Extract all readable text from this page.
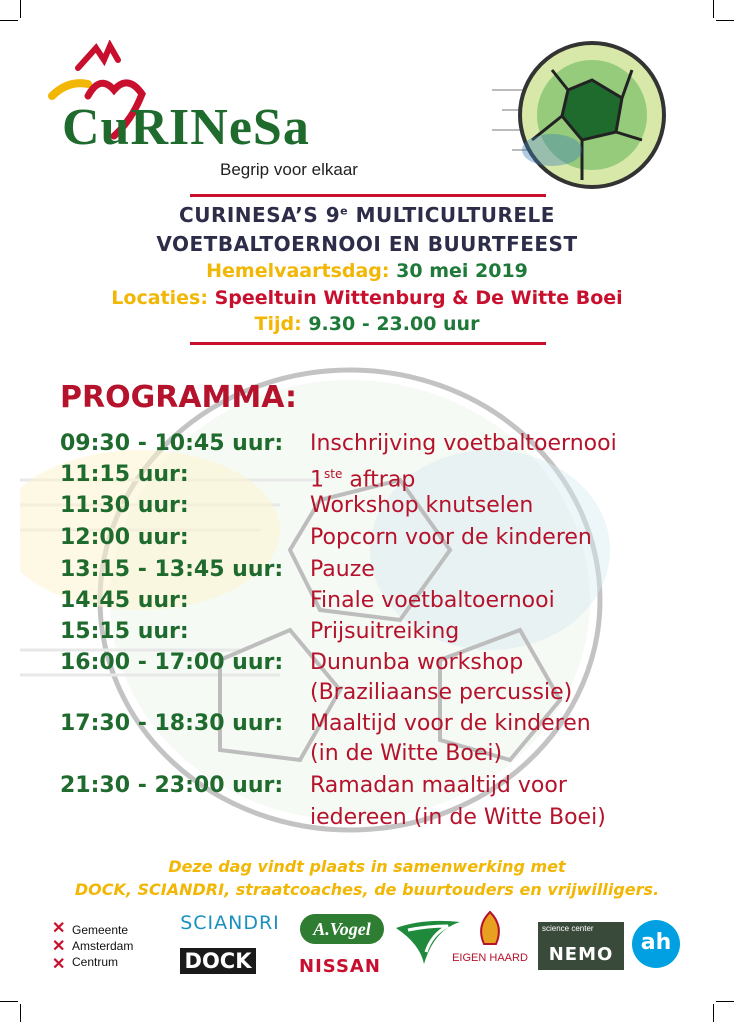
CuRINeSa
Begrip voor elkaar
CURINESA’S 9e MULTICULTURELE
VOETBALTOERNOOI EN BUURTFEEST
Hemelvaartsdag: 30 mei 2019
Locaties: Speeltuin Wittenburg & De Witte Boei
Tijd: 9.30 - 23.00 uur
PROGRAMMA:
09:30 - 10:45 uur:	Inschrijving voetbaltoernooi
11:15 uur:	1ste aftrap
11:30 uur:	Workshop knutselen
12:00 uur:	Popcorn voor de kinderen
13:15 - 13:45 uur:	Pauze
14:45 uur:	Finale voetbaltoernooi
15:15 uur:	Prijsuitreiking
16:00 - 17:00 uur:	Dununba workshop
(Braziliaanse percussie)
17:30 - 18:30 uur:	Maaltijd voor de kinderen
(in de Witte Boei)
21:30 - 23:00 uur:	Ramadan maaltijd voor
iedereen (in de Witte Boei)
Deze dag vindt plaats in samenwerking met
DOCK, SCIANDRI, straatcoaches, de buurtouders en vrijwilligers.
✕
✕
✕
Gemeente
Amsterdam
Centrum
SCIANDRI
DOCK
A.Vogel
NISSAN	EIGEN HAARD
science center
NEMO	ah
